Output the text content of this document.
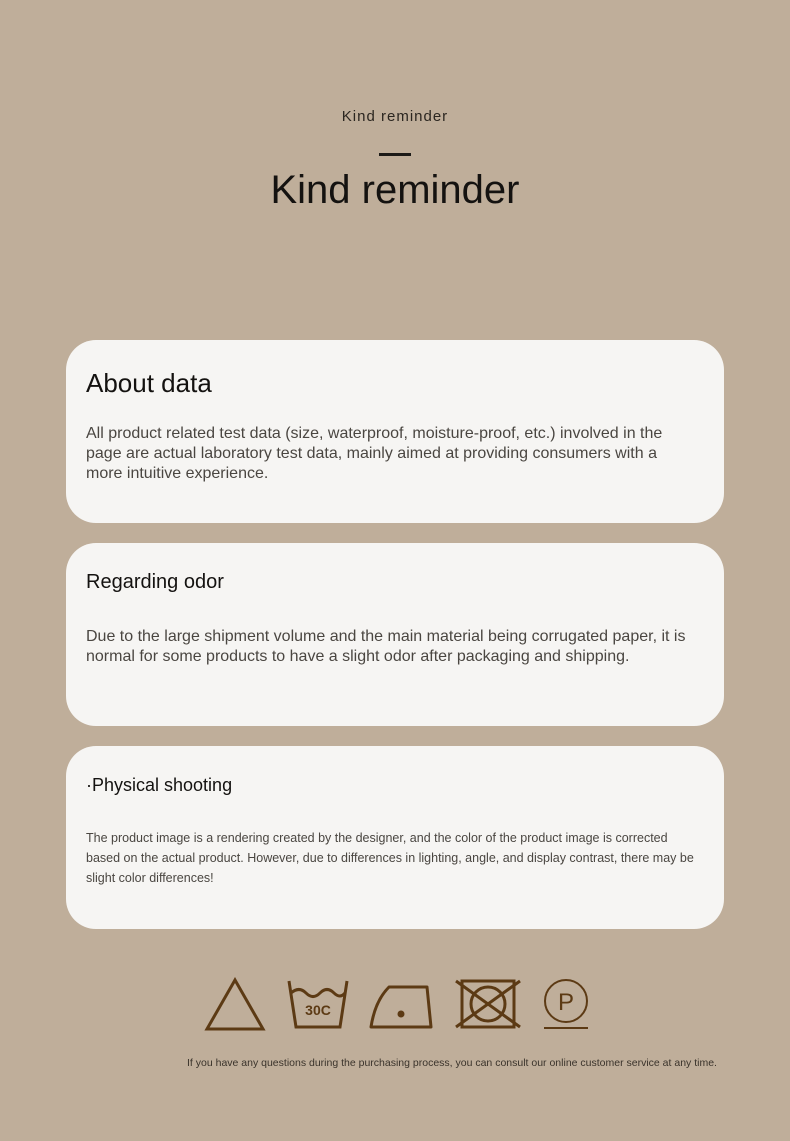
Kind reminder
Kind reminder
About data
All product related test data (size, waterproof, moisture-proof, etc.) involved in the page are actual laboratory test data, mainly aimed at providing consumers with a more intuitive experience.
Regarding odor
Due to the large shipment volume and the main material being corrugated paper, it is normal for some products to have a slight odor after packaging and shipping.
·Physical shooting
The product image is a rendering created by the designer, and the color of the product image is corrected based on the actual product. However, due to differences in lighting, angle, and display contrast, there may be slight color differences!
30C	P
If you have any questions during the purchasing process, you can consult our online customer service at any time.
